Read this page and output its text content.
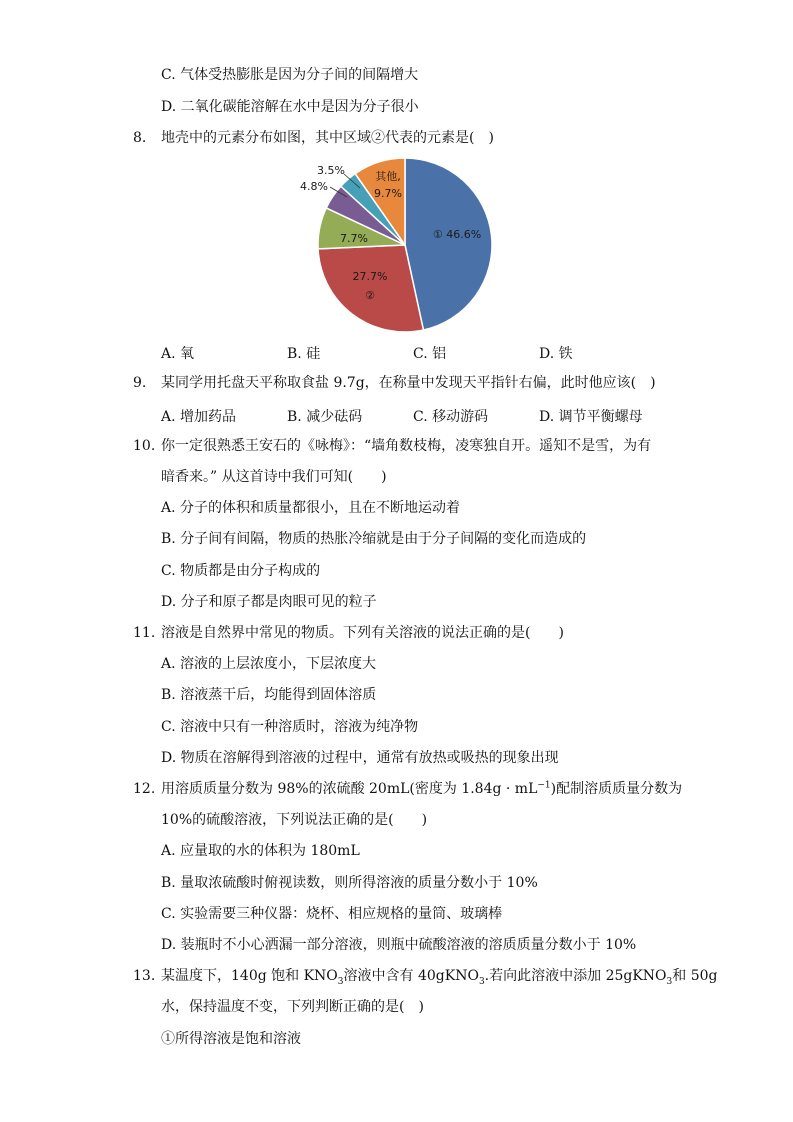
C. 气体受热膨胀是因为分子间的间隔增大
D. 二氧化碳能溶解在水中是因为分子很小
8. 地壳中的元素分布如图，其中区域②代表的元素是(　)
① 46.6%
27.7%
②
7.7%
4.8%
3.5%	其他,
9.7%
A. 氧	B. 硅	C. 铝	D. 铁
9. 某同学用托盘天平称取食盐 9.7g，在称量中发现天平指针右偏，此时他应该(　)
A. 增加药品	B. 减少砝码	C. 移动游码	D. 调节平衡螺母
10. 你一定很熟悉王安石的《咏梅》：“墙角数枝梅，凌寒独自开。遥知不是雪，为有
暗香来。” 从这首诗中我们可知(　　)
A. 分子的体积和质量都很小，且在不断地运动着
B. 分子间有间隔，物质的热胀冷缩就是由于分子间隔的变化而造成的
C. 物质都是由分子构成的
D. 分子和原子都是肉眼可见的粒子
11. 溶液是自然界中常见的物质。下列有关溶液的说法正确的是(　　)
A. 溶液的上层浓度小，下层浓度大
B. 溶液蒸干后，均能得到固体溶质
C. 溶液中只有一种溶质时，溶液为纯净物
D. 物质在溶解得到溶液的过程中，通常有放热或吸热的现象出现
12. 用溶质质量分数为 98%的浓硫酸 20mL(密度为 $1.84g \cdot mL^{-1}$)配制溶质质量分数为
10%的硫酸溶液，下列说法正确的是(　　)
A. 应量取的水的体积为 180mL
B. 量取浓硫酸时俯视读数，则所得溶液的质量分数小于 10%
C. 实验需要三种仪器：烧杯、相应规格的量筒、玻璃棒
D. 装瓶时不小心洒漏一部分溶液，则瓶中硫酸溶液的溶质质量分数小于 10%
13. 某温度下，140g 饱和 $KNO_3$溶液中含有 40gKNO$_3$.若向此溶液中添加 25gKNO$_3$和 50g
水，保持温度不变，下列判断正确的是(　)
①所得溶液是饱和溶液
